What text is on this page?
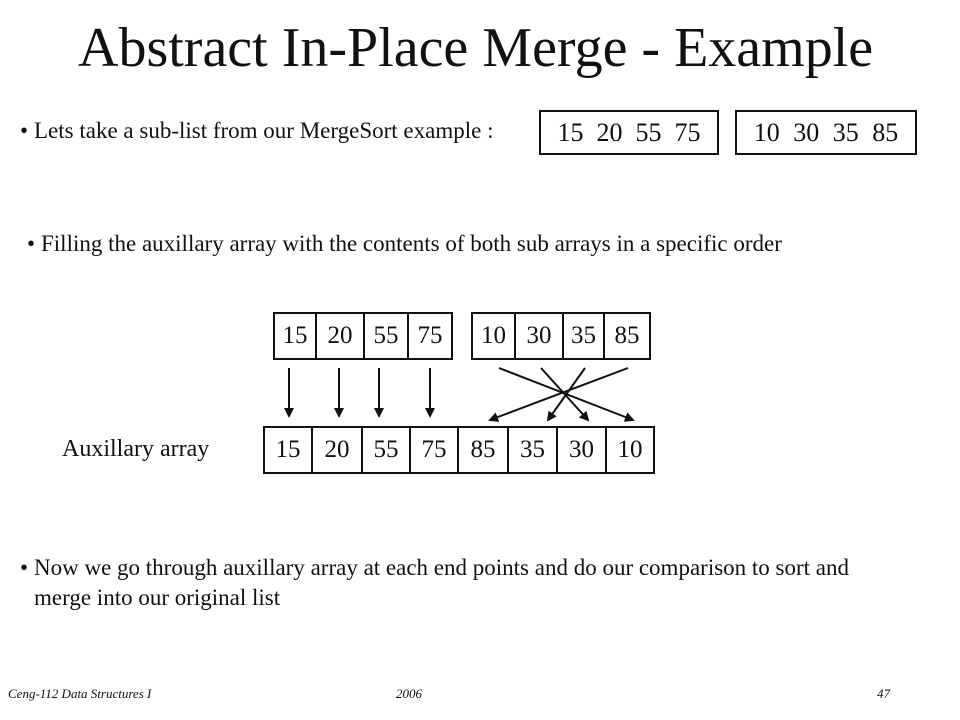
Abstract In-Place Merge - Example
• Lets take a sub-list from our MergeSort example : 15 20 55 75 10 30 35 85
• Filling the auxillary array with the contents of both sub arrays in a specific order
15 20 55 75	10 30 35 85
Auxillary array	15 20 55 75 85 35 30 10
• Now we go through auxillary array at each end points and do our comparison to sort and
merge into our original list
Ceng-112 Data Structures I	2006	47
